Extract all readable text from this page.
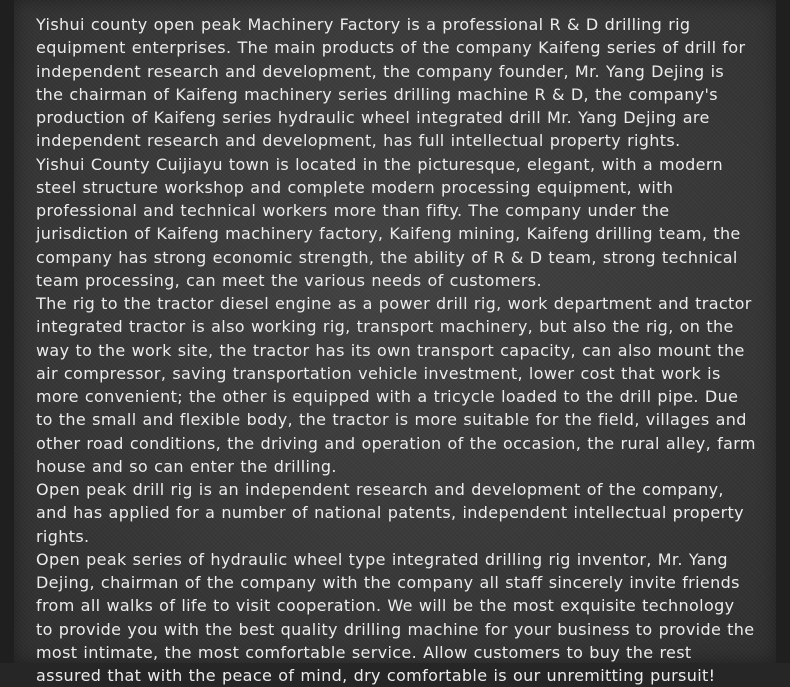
Yishui county open peak Machinery Factory is a professional R & D drilling rig equipment enterprises. The main products of the company Kaifeng series of drill for independent research and development, the company founder, Mr. Yang Dejing is the chairman of Kaifeng machinery series drilling machine R & D, the company's production of Kaifeng series hydraulic wheel integrated drill Mr. Yang Dejing are independent research and development, has full intellectual property rights.

Yishui County Cuijiayu town is located in the picturesque, elegant, with a modern steel structure workshop and complete modern processing equipment, with professional and technical workers more than fifty. The company under the jurisdiction of Kaifeng machinery factory, Kaifeng mining, Kaifeng drilling team, the company has strong economic strength, the ability of R & D team, strong technical team processing, can meet the various needs of customers.

The rig to the tractor diesel engine as a power drill rig, work department and tractor integrated tractor is also working rig, transport machinery, but also the rig, on the way to the work site, the tractor has its own transport capacity, can also mount the air compressor, saving transportation vehicle investment, lower cost that work is more convenient; the other is equipped with a tricycle loaded to the drill pipe. Due to the small and flexible body, the tractor is more suitable for the field, villages and other road conditions, the driving and operation of the occasion, the rural alley, farm house and so can enter the drilling.

Open peak drill rig is an independent research and development of the company, and has applied for a number of national patents, independent intellectual property rights.

Open peak series of hydraulic wheel type integrated drilling rig inventor, Mr. Yang Dejing, chairman of the company with the company all staff sincerely invite friends from all walks of life to visit cooperation. We will be the most exquisite technology to provide you with the best quality drilling machine for your business to provide the most intimate, the most comfortable service. Allow customers to buy the rest assured that with the peace of mind, dry comfortable is our unremitting pursuit!
